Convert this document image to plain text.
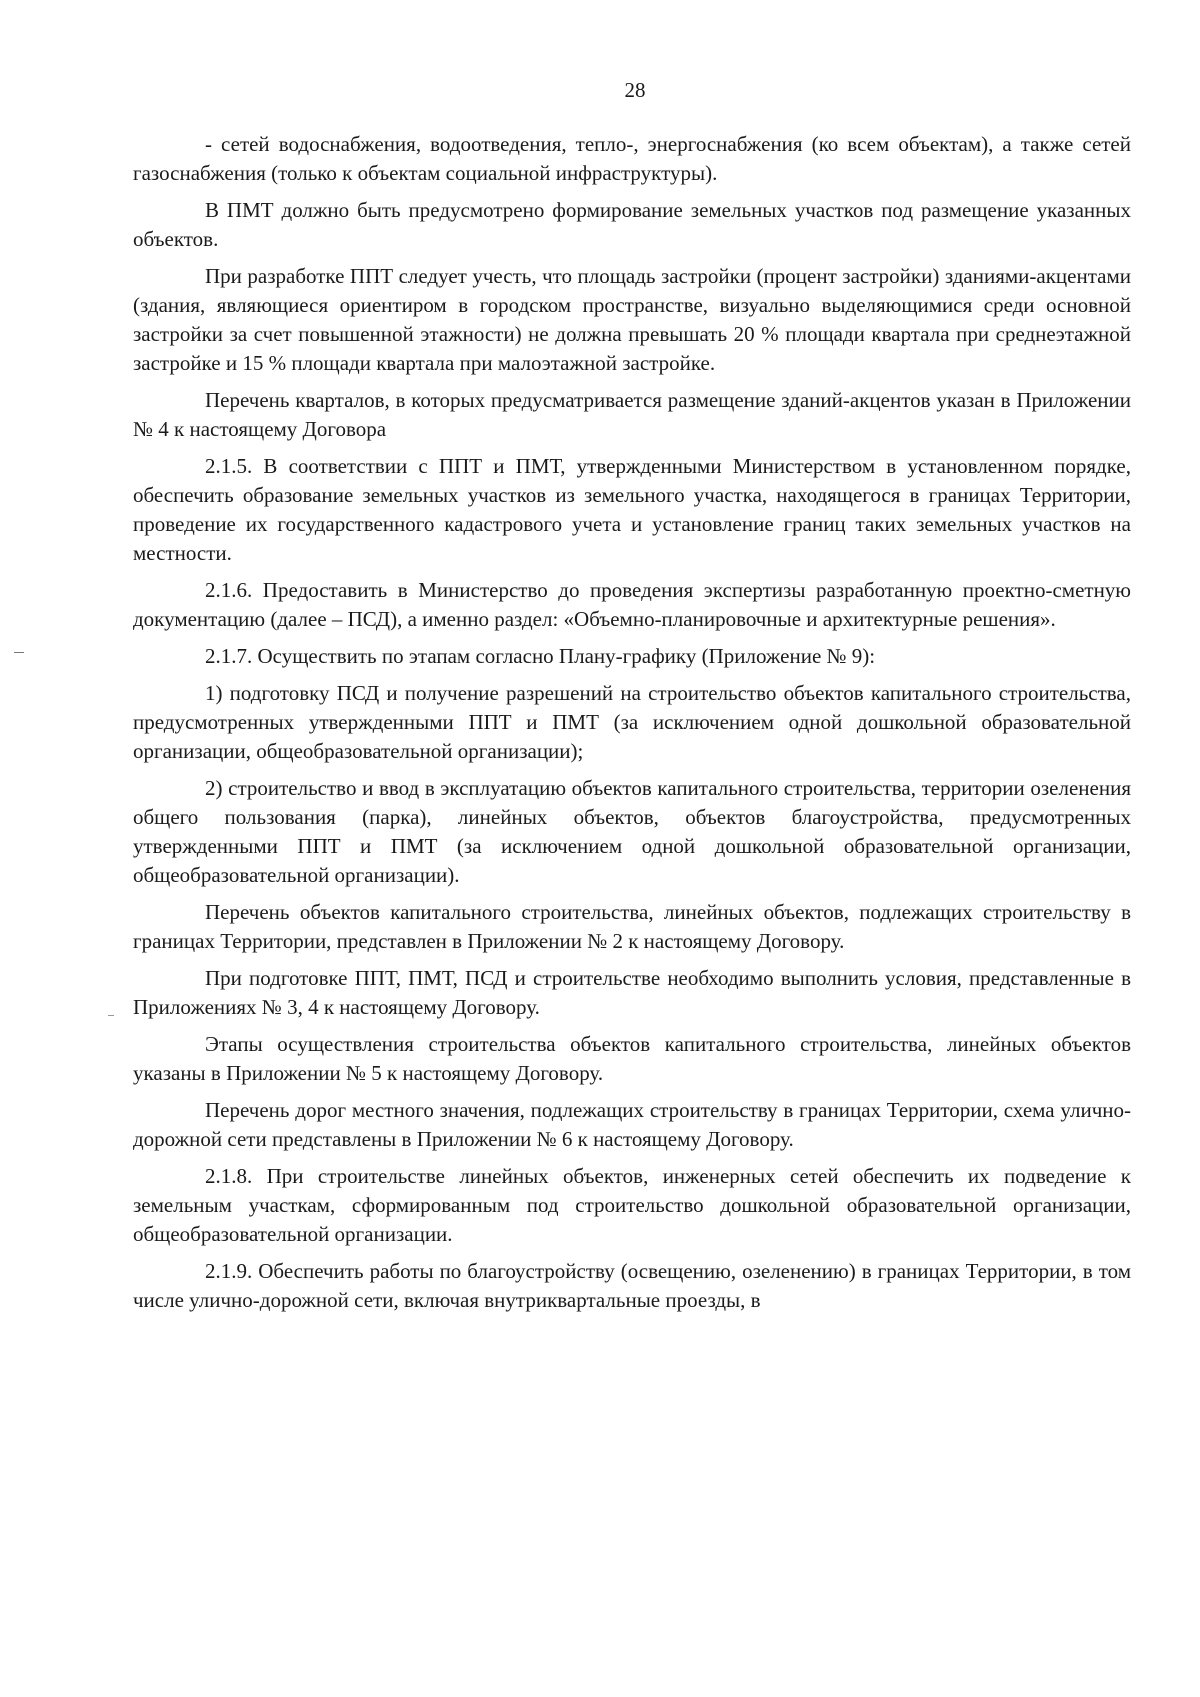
28

- сетей водоснабжения, водоотведения, тепло-, энергоснабжения (ко всем объектам), а также сетей газоснабжения (только к объектам социальной инфраструктуры).

В ПМТ должно быть предусмотрено формирование земельных участков под размещение указанных объектов.

При разработке ППТ следует учесть, что площадь застройки (процент застройки) зданиями-акцентами (здания, являющиеся ориентиром в городском пространстве, визуально выделяющимися среди основной застройки за счет повышенной этажности) не должна превышать 20 % площади квартала при среднеэтажной застройке и 15 % площади квартала при малоэтажной застройке.

Перечень кварталов, в которых предусматривается размещение зданий-акцентов указан в Приложении № 4 к настоящему Договора

2.1.5. В соответствии с ППТ и ПМТ, утвержденными Министерством в установленном порядке, обеспечить образование земельных участков из земельного участка, находящегося в границах Территории, проведение их государственного кадастрового учета и установление границ таких земельных участков на местности.

2.1.6. Предоставить в Министерство до проведения экспертизы разработанную проектно-сметную документацию (далее – ПСД), а именно раздел: «Объемно-планировочные и архитектурные решения».

2.1.7. Осуществить по этапам согласно Плану-графику (Приложение № 9):

1) подготовку ПСД и получение разрешений на строительство объектов капитального строительства, предусмотренных утвержденными ППТ и ПМТ (за исключением одной дошкольной образовательной организации, общеобразовательной организации);

2) строительство и ввод в эксплуатацию объектов капитального строительства, территории озеленения общего пользования (парка), линейных объектов, объектов благоустройства, предусмотренных утвержденными ППТ и ПМТ (за исключением одной дошкольной образовательной организации, общеобразовательной организации).

Перечень объектов капитального строительства, линейных объектов, подлежащих строительству в границах Территории, представлен в Приложении № 2 к настоящему Договору.

При подготовке ППТ, ПМТ, ПСД и строительстве необходимо выполнить условия, представленные в Приложениях № 3, 4 к настоящему Договору.

Этапы осуществления строительства объектов капитального строительства, линейных объектов указаны в Приложении № 5 к настоящему Договору.

Перечень дорог местного значения, подлежащих строительству в границах Территории, схема улично-дорожной сети представлены в Приложении № 6 к настоящему Договору.

2.1.8. При строительстве линейных объектов, инженерных сетей обеспечить их подведение к земельным участкам, сформированным под строительство дошкольной образовательной организации, общеобразовательной организации.

2.1.9. Обеспечить работы по благоустройству (освещению, озеленению) в границах Территории, в том числе улично-дорожной сети, включая внутриквартальные проезды, в
